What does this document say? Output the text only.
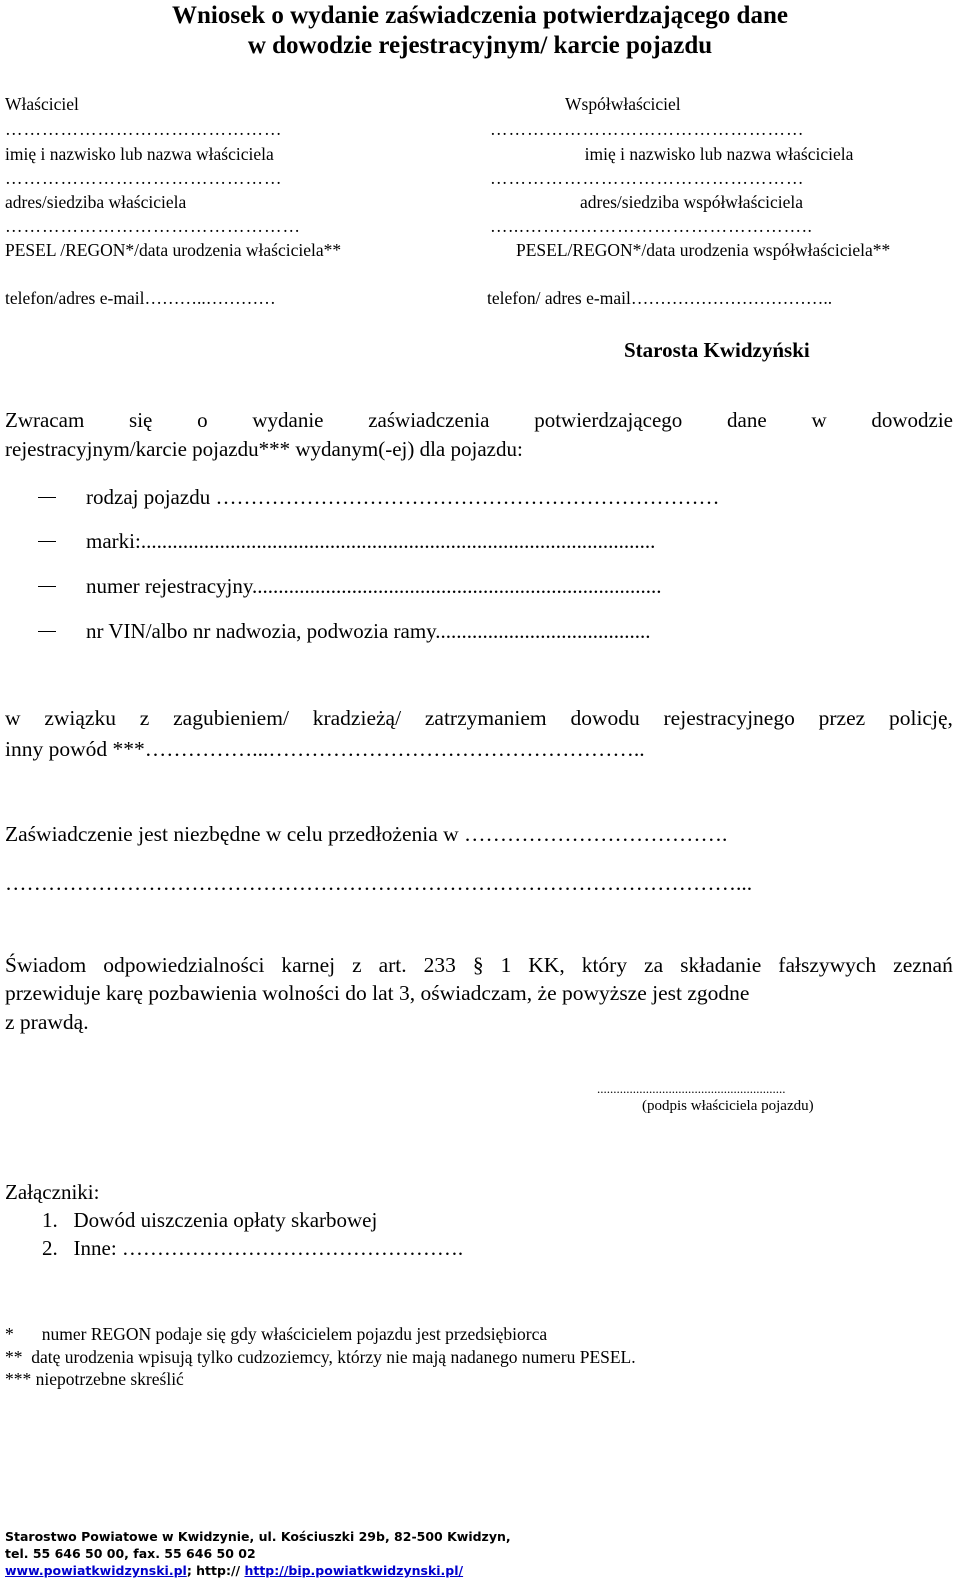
Wniosek o wydanie zaświadczenia potwierdzającego dane
w dowodzie rejestracyjnym/ karcie pojazdu
Właściciel
………………………………………
imię i nazwisko lub nazwa właściciela
………………………………………
adres/siedziba właściciela
…………………………………………
PESEL /REGON*/data urodzenia właściciela**
telefon/adres e-mail………..…………
Współwłaściciel
……………………………………………
imię i nazwisko lub nazwa właściciela
……………………………………………
adres/siedziba współwłaściciela
…...………………………………………..
PESEL/REGON*/data urodzenia współwłaściciela**
telefon/ adres e-mail……………………………..
Starosta Kwidzyński
Zwracam się o wydanie zaświadczenia potwierdzającego dane w dowodzie
rejestracyjnym/karcie pojazdu*** wydanym(-ej) dla pojazdu:
rodzaj pojazdu ………………………………………………………………
marki:..................................................................................................
numer rejestracyjny..............................................................................
nr VIN/albo nr nadwozia, podwozia ramy.........................................
w związku z zagubieniem/ kradzieżą/ zatrzymaniem dowodu rejestracyjnego przez policję,
inny powód ***……………...……………………………………………..
Zaświadczenie jest niezbędne w celu przedłożenia w ……………………………….
…………………………………………………………………………………………...
Świadom odpowiedzialności karnej z art. 233 § 1 KK, który za składanie fałszywych zeznań
przewiduje karę pozbawienia wolności do lat 3, oświadczam, że powyższe jest zgodne
z prawdą.
..........................................................
(podpis właściciela pojazdu)
Załączniki:
1. Dowód uiszczenia opłaty skarbowej
2. Inne: ………………………………………….
* numer REGON podaje się gdy właścicielem pojazdu jest przedsiębiorca
** datę urodzenia wpisują tylko cudzoziemcy, którzy nie mają nadanego numeru PESEL.
*** niepotrzebne skreślić
Starostwo Powiatowe w Kwidzynie, ul. Kościuszki 29b, 82-500 Kwidzyn,
tel. 55 646 50 00, fax. 55 646 50 02
www.powiatkwidzynski.pl; http:// http://bip.powiatkwidzynski.pl/
